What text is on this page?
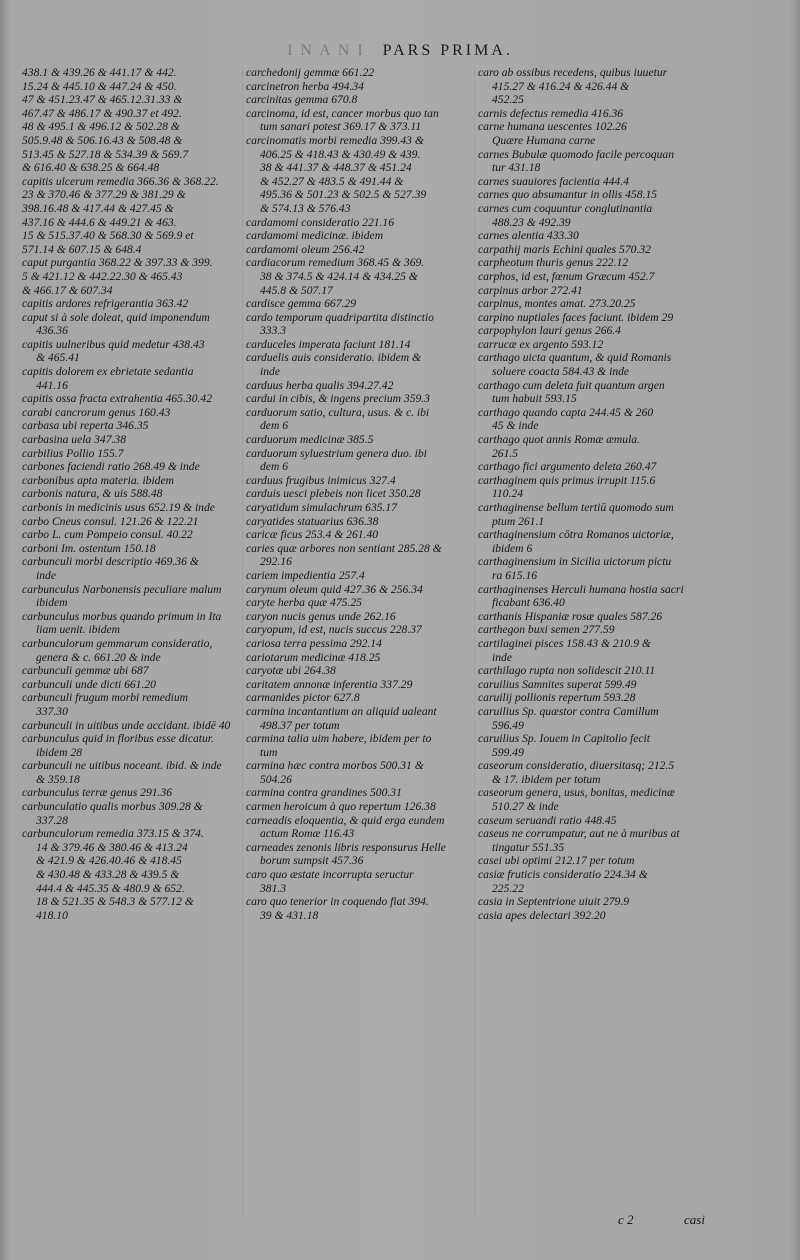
I N A N I PARS PRIMA.
438.1 & 439.26 & 441.17 & 442.
15.24 & 445.10 & 447.24 & 450.
47 & 451.23.47 & 465.12.31.33 &
467.47 & 486.17 & 490.37 et 492.
48 & 495.1 & 496.12 & 502.28 &
505.9.48 & 506.16.43 & 508.48 &
513.45 & 527.18 & 534.39 & 569.7
& 616.40 & 638.25 & 664.48
capitis ulcerum remedia 366.36 & 368.22.
23 & 370.46 & 377.29 & 381.29 &
398.16.48 & 417.44 & 427.45 &
437.16 & 444.6 & 449.21 & 463.
15 & 515.37.40 & 568.30 & 569.9 et
571.14 & 607.15 & 648.4
caput purgantia 368.22 & 397.33 & 399.
5 & 421.12 & 442.22.30 & 465.43
& 466.17 & 607.34
capitis ardores refrigerantia 363.42
caput si à sole doleat, quid imponendum
436.36
capitis uulneribus quid medetur 438.43
& 465.41
capitis dolorem ex ebrietate sedantia
441.16
capitis ossa fracta extrahentia 465.30.42
carabi cancrorum genus 160.43
carbasa ubi reperta 346.35
carbasina uela 347.38
carbilius Pollio 155.7
carbones faciendi ratio 268.49 & inde
carbonibus apta materia. ibidem
carbonis natura, & uis 588.48
carbonis in medicinis usus 652.19 & inde
carbo Cneus consul. 121.26 & 122.21
carbo L. cum Pompeio consul. 40.22
carboni Im. ostentum 150.18
carbunculi morbi descriptio 469.36 &
inde
carbunculus Narbonensis peculiare malum
ibidem
carbunculus morbus quando primum in Ita
liam uenit. ibidem
carbunculorum gemmarum consideratio,
genera & c. 661.20 & inde
carbunculi gemmæ ubi 687
carbunculi unde dicti 661.20
carbunculi frugum morbi remedium
337.30
carbunculi in uitibus unde accidant. ibidē 40
carbunculus quid in floribus esse dicatur.
ibidem 28
carbunculi ne uitibus noceant. ibid. & inde
& 359.18
carbunculus terræ genus 291.36
carbunculatio qualis morbus 309.28 &
337.28
carbunculorum remedia 373.15 & 374.
14 & 379.46 & 380.46 & 413.24
& 421.9 & 426.40.46 & 418.45
& 430.48 & 433.28 & 439.5 &
444.4 & 445.35 & 480.9 & 652.
18 & 521.35 & 548.3 & 577.12 &
418.10
carchedonij gemmæ 661.22
carcinetron herba 494.34
carcinitas gemma 670.8
carcinoma, id est, cancer morbus quo tan
tum sanari potest 369.17 & 373.11
carcinomatis morbi remedia 399.43 &
406.25 & 418.43 & 430.49 & 439.
38 & 441.37 & 448.37 & 451.24
& 452.27 & 483.5 & 491.44 &
495.36 & 501.23 & 502.5 & 527.39
& 574.13 & 576.43
cardamomi consideratio 221.16
cardamomi medicinæ. ibidem
cardamomi oleum 256.42
cardiacorum remedium 368.45 & 369.
38 & 374.5 & 424.14 & 434.25 &
445.8 & 507.17
cardisce gemma 667.29
cardo temporum quadripartita distinctio
333.3
carduceles imperata faciunt 181.14
carduelis auis consideratio. ibidem &
inde
carduus herba qualis 394.27.42
cardui in cibis, & ingens precium 359.3
carduorum satio, cultura, usus. & c. ibi
dem 6
carduorum medicinæ 385.5
carduorum syluestrium genera duo. ibi
dem 6
carduus frugibus inimicus 327.4
carduis uesci plebeis non licet 350.28
caryatidum simulachrum 635.17
caryatides statuarius 636.38
caricæ ficus 253.4 & 261.40
caries quæ arbores non sentiant 285.28 &
292.16
cariem impedientia 257.4
carynum oleum quid 427.36 & 256.34
caryte herba quæ 475.25
caryon nucis genus unde 262.16
caryopum, id est, nucis succus 228.37
cariosa terra pessima 292.14
cariotarum medicinæ 418.25
caryotæ ubi 264.38
caritatem annonæ inferentia 337.29
carmanides pictor 627.8
carmina incantantium an aliquid ualeant
498.37 per totum
carmina talia uim habere, ibidem per to
tum
carmina hæc contra morbos 500.31 &
504.26
carmina contra grandines 500.31
carmen heroicum à quo repertum 126.38
carneadis eloquentia, & quid erga eundem
actum Romæ 116.43
carneades zenonis libris responsurus Helle
borum sumpsit 457.36
caro quo æstate incorrupta seructur
381.3
caro quo tenerior in coquendo fiat 394.
39 & 431.18
caro ab ossibus recedens, quibus iuuetur
415.27 & 416.24 & 426.44 &
452.25
carnis defectus remedia 416.36
carne humana uescentes 102.26
Quære Humana carne
carnes Bubulæ quomodo facile percoquan
tur 431.18
carnes suauiores facientia 444.4
carnes quo absumantur in ollis 458.15
carnes cum coquuntur conglutinantia
488.23 & 492.39
carnes alentia 433.30
carpathij maris Echini quales 570.32
carpheotum thuris genus 222.12
carphos, id est, fœnum Græcum 452.7
carpinus arbor 272.41
carpinus, montes amat. 273.20.25
carpino nuptiales faces faciunt. ibidem 29
carpophylon lauri genus 266.4
carrucæ ex argento 593.12
carthago uicta quantum, & quid Romanis
soluere coacta 584.43 & inde
carthago cum deleta fuit quantum argen
tum habuit 593.15
carthago quando capta 244.45 & 260
45 & inde
carthago quot annis Romæ æmula.
261.5
carthago fici argumento deleta 260.47
carthaginem quis primus irrupit 115.6
110.24
carthaginense bellum tertiū quomodo sum
ptum 261.1
carthaginensium cōtra Romanos uictoriæ,
ibidem 6
carthaginensium in Sicilia uictorum pictu
ra 615.16
carthaginenses Herculi humana hostia sacri
ficabant 636.40
carthanis Hispaniæ rosæ quales 587.26
carthegon buxi semen 277.59
cartilaginei pisces 158.43 & 210.9 &
inde
carthilago rupta non solidescit 210.11
caruilius Samnites superat 599.49
caruilij pollionis repertum 593.28
caruilius Sp. quæstor contra Camillum
596.49
caruilius Sp. Iouem in Capitolio fecit
599.49
caseorum consideratio, diuersitasq; 212.5
& 17. ibidem per totum
caseorum genera, usus, bonitas, medicinæ
510.27 & inde
caseum seruandi ratio 448.45
caseus ne corrumpatur, aut ne à muribus at
tingatur 551.35
casei ubi optimi 212.17 per totum
casiæ fruticis consideratio 224.34 &
225.22
casia in Septentrione uiuit 279.9
casia apes delectari 392.20
c 2	casi
